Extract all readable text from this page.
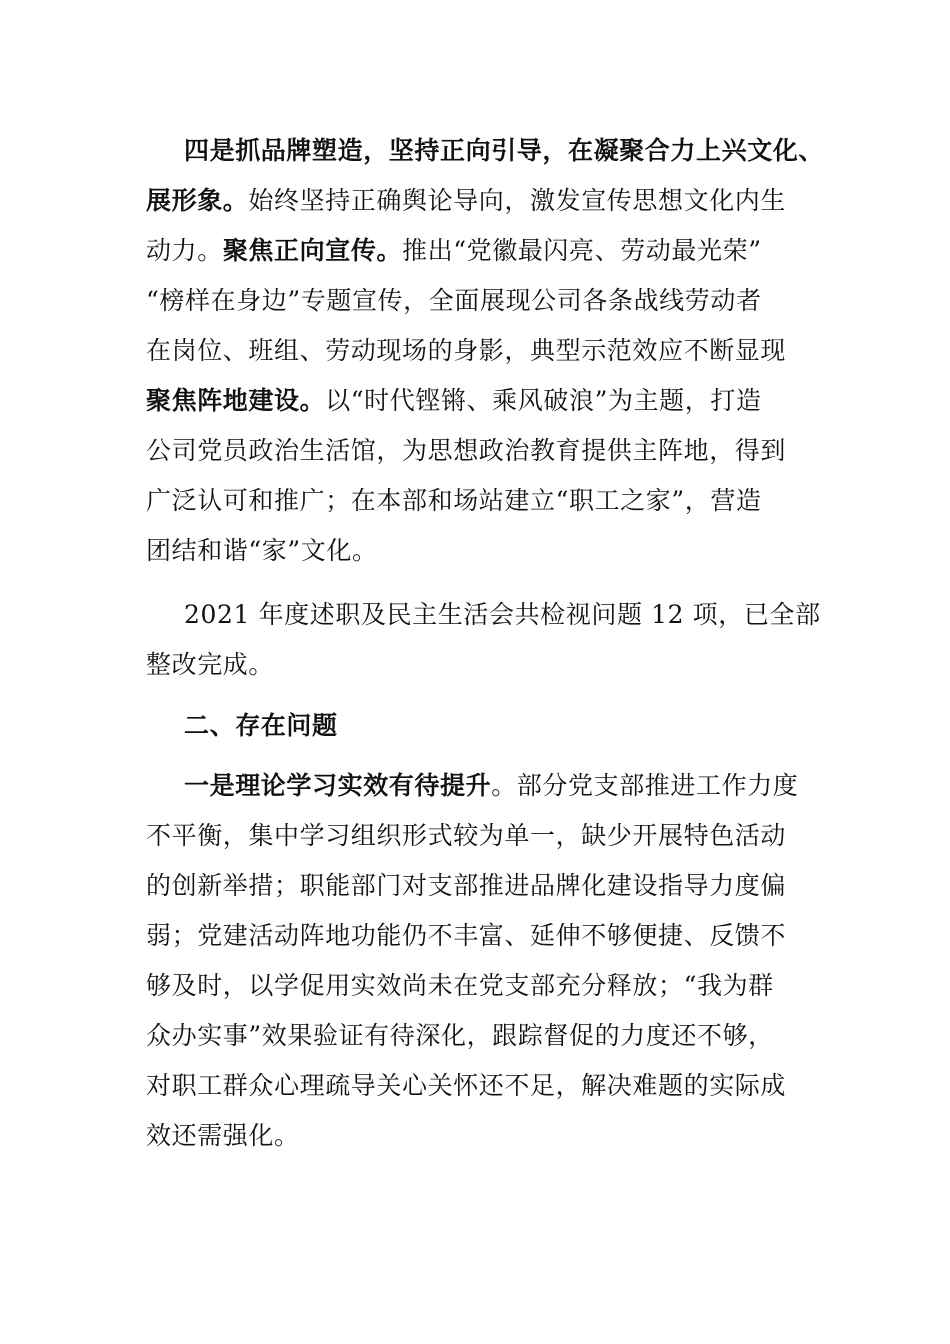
四是抓品牌塑造，坚持正向引导，在凝聚合力上兴文化、
展形象。始终坚持正确舆论导向，激发宣传思想文化内生
动力。聚焦正向宣传。推出“党徽最闪亮、劳动最光荣”
“榜样在身边”专题宣传，全面展现公司各条战线劳动者
在岗位、班组、劳动现场的身影，典型示范效应不断显现
聚焦阵地建设。以“时代铿锵、乘风破浪”为主题，打造
公司党员政治生活馆，为思想政治教育提供主阵地，得到
广泛认可和推广；在本部和场站建立“职工之家”，营造
团结和谐“家”文化。
2021 年度述职及民主生活会共检视问题 12 项，已全部
整改完成。
二、存在问题
一是理论学习实效有待提升。部分党支部推进工作力度
不平衡，集中学习组织形式较为单一，缺少开展特色活动
的创新举措；职能部门对支部推进品牌化建设指导力度偏
弱；党建活动阵地功能仍不丰富、延伸不够便捷、反馈不
够及时，以学促用实效尚未在党支部充分释放；“我为群
众办实事”效果验证有待深化，跟踪督促的力度还不够，
对职工群众心理疏导关心关怀还不足，解决难题的实际成
效还需强化。
